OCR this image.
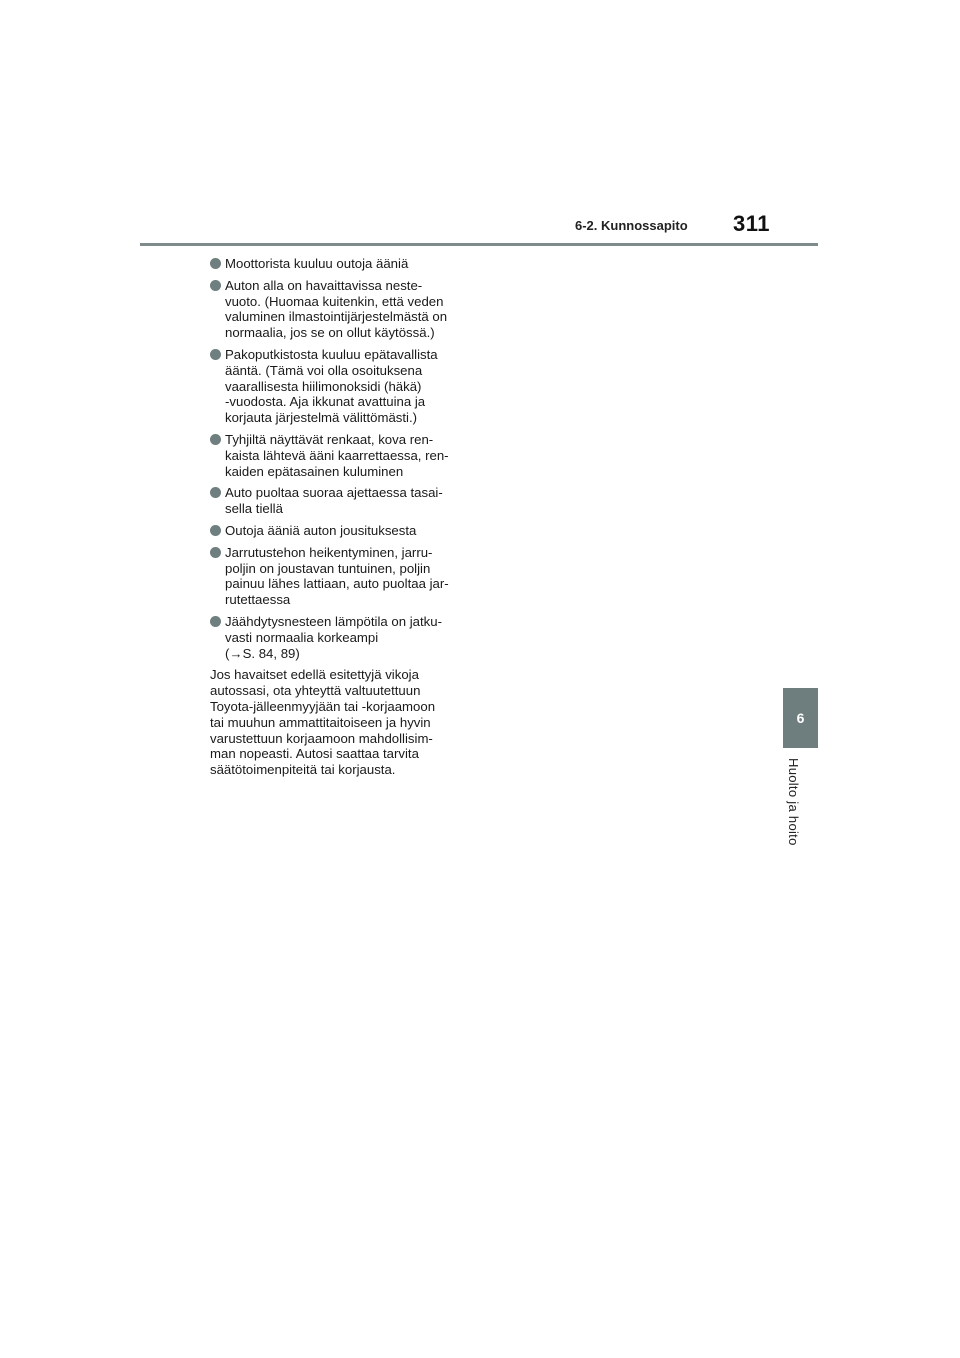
6-2. Kunnossapito 311
6
Huolto ja hoito
Moottorista kuuluu outoja ääniä
Auton alla on havaittavissa neste-
vuoto. (Huomaa kuitenkin, että veden
valuminen ilmastointijärjestelmästä on
normaalia, jos se on ollut käytössä.)
Pakoputkistosta kuuluu epätavallista
ääntä. (Tämä voi olla osoituksena
vaarallisesta hiilimonoksidi (häkä)
-vuodosta. Aja ikkunat avattuina ja
korjauta järjestelmä välittömästi.)
Tyhjiltä näyttävät renkaat, kova ren-
kaista lähtevä ääni kaarrettaessa, ren-
kaiden epätasainen kuluminen
Auto puoltaa suoraa ajettaessa tasai-
sella tiellä
Outoja ääniä auton jousituksesta
Jarrutustehon heikentyminen, jarru-
poljin on joustavan tuntuinen, poljin
painuu lähes lattiaan, auto puoltaa jar-
rutettaessa
Jäähdytysnesteen lämpötila on jatku-
vasti normaalia korkeampi
(→S. 84, 89)
Jos havaitset edellä esitettyjä vikoja
autossasi, ota yhteyttä valtuutettuun
Toyota-jälleenmyyjään tai -korjaamoon
tai muuhun ammattitaitoiseen ja hyvin
varustettuun korjaamoon mahdollisim-
man nopeasti. Autosi saattaa tarvita
säätötoimenpiteitä tai korjausta.
